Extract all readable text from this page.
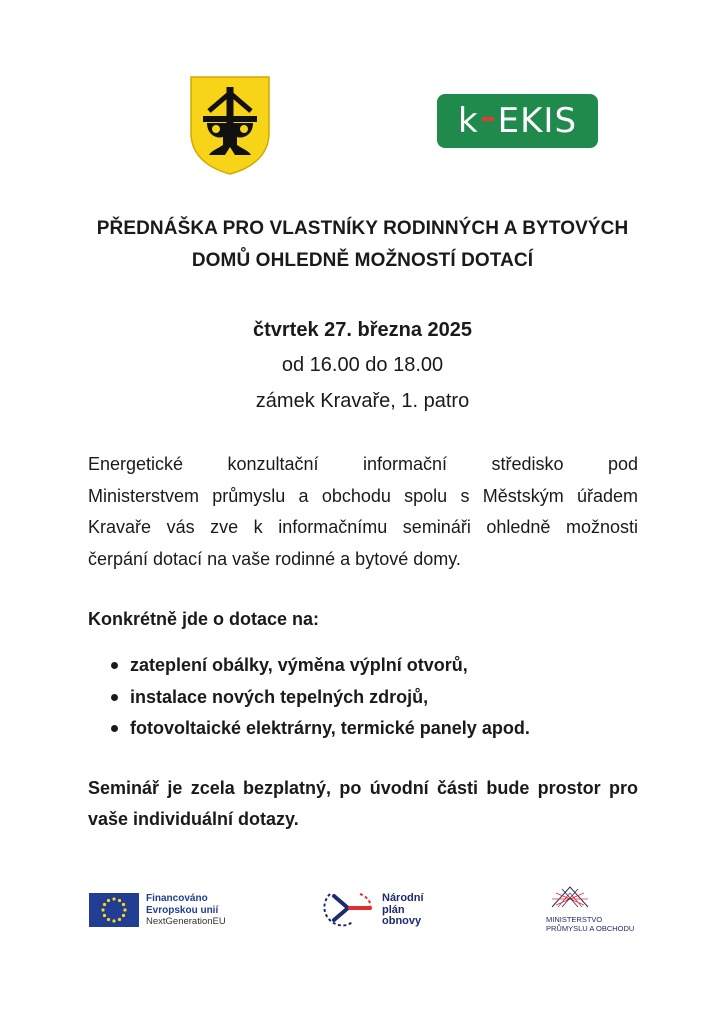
k EKIS
PŘEDNÁŠKA PRO VLASTNÍKY RODINNÝCH A BYTOVÝCH
DOMŮ OHLEDNĚ MOŽNOSTÍ DOTACÍ
čtvrtek 27. března 2025
od 16.00 do 18.00
zámek Kravaře, 1. patro
Energetické konzultační informační středisko pod
Ministerstvem průmyslu a obchodu spolu s Městským úřadem
Kravaře vás zve k informačnímu semináři ohledně možnosti
čerpání dotací na vaše rodinné a bytové domy.
Konkrétně jde o dotace na:
zateplení obálky, výměna výplní otvorů,
instalace nových tepelných zdrojů,
fotovoltaické elektrárny, termické panely apod.
Seminář je zcela bezplatný, po úvodní části bude prostor pro
vaše individuální dotazy.
Financováno
Evropskou unií
NextGenerationEU
Národní
plán
obnovy	MINISTERSTVO
PRŮMYSLU A OBCHODU
